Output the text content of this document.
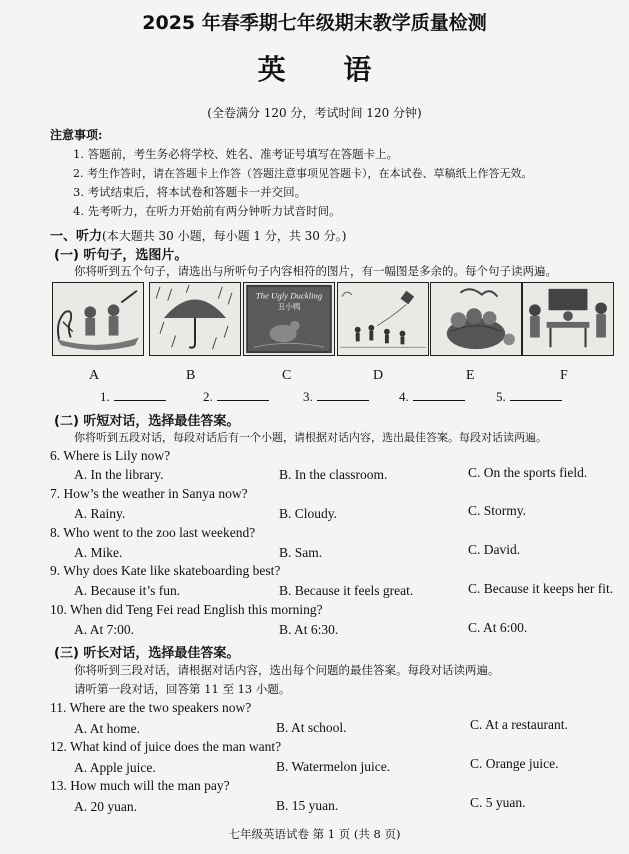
2025 年春季期七年级期末教学质量检测
英 语
(全卷满分 120 分，考试时间 120 分钟)
注意事项:
1. 答题前，考生务必将学校、姓名、准考证号填写在答题卡上。
2. 考生作答时，请在答题卡上作答（答题注意事项见答题卡），在本试卷、草稿纸上作答无效。
3. 考试结束后，将本试卷和答题卡一并交回。
4. 先考听力，在听力开始前有两分钟听力试音时间。
一、听力(本大题共 30 小题，每小题 1 分，共 30 分。)
(一) 听句子，选图片。
你将听到五个句子，请选出与所听句子内容相符的图片，有一幅图是多余的。每个句子读两遍。
The Ugly Duckling
丑小鸭
A	B	C	D	E	F
1.	2.	3.	4.	5.
(二) 听短对话，选择最佳答案。
你将听到五段对话，每段对话后有一个小题，请根据对话内容，选出最佳答案。每段对话读两遍。
6. Where is Lily now?
A. In the library.	B. In the classroom.	C. On the sports field.
7. How’s the weather in Sanya now?
A. Rainy.	B. Cloudy.	C. Stormy.
8. Who went to the zoo last weekend?
A. Mike.	B. Sam.	C. David.
9. Why does Kate like skateboarding best?
A. Because it’s fun.	B. Because it feels great.	C. Because it keeps her fit.
10. When did Teng Fei read English this morning?
A. At 7:00.	B. At 6:30.	C. At 6:00.
(三) 听长对话，选择最佳答案。
你将听到三段对话，请根据对话内容，选出每个问题的最佳答案。每段对话读两遍。
请听第一段对话，回答第 11 至 13 小题。
11. Where are the two speakers now?
A. At home.	B. At school.	C. At a restaurant.
12. What kind of juice does the man want?
A. Apple juice.	B. Watermelon juice.	C. Orange juice.
13. How much will the man pay?
A. 20 yuan.	B. 15 yuan.	C. 5 yuan.
七年级英语试卷 第 1 页 (共 8 页)
